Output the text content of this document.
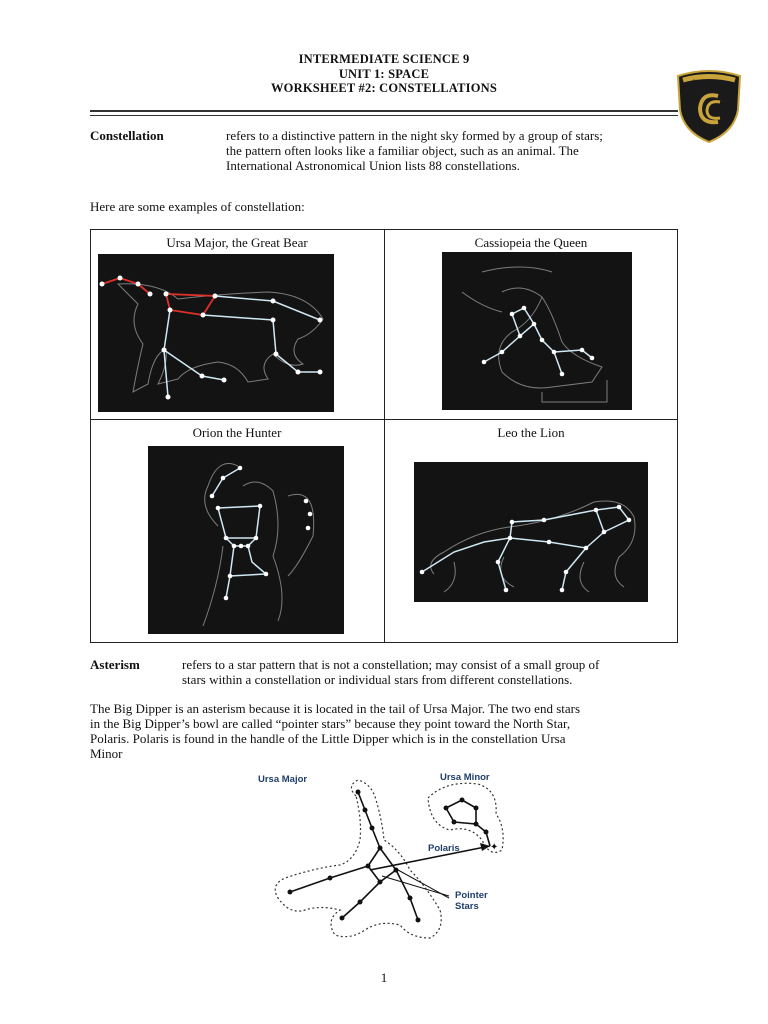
INTERMEDIATE SCIENCE 9
UNIT 1: SPACE
WORKSHEET #2: CONSTELLATIONS	Crescent College
Constellation	refers to a distinctive pattern in the night sky formed by a group of stars;
the pattern often looks like a familiar object, such as an animal. The
International Astronomical Union lists 88 constellations.
Here are some examples of constellation:
Ursa Major, the Great Bear	Cassiopeia the Queen
Orion the Hunter	Leo the Lion
Asterism	refers to a star pattern that is not a constellation; may consist of a small group of
stars within a constellation or individual stars from different constellations.
The Big Dipper is an asterism because it is located in the tail of Ursa Major. The two end stars
in the Big Dipper’s bowl are called “pointer stars” because they point toward the North Star,
Polaris. Polaris is found in the handle of the Little Dipper which is in the constellation Ursa
Minor
✦
Ursa Major	Ursa Minor
Polaris
Pointer
Stars
1
